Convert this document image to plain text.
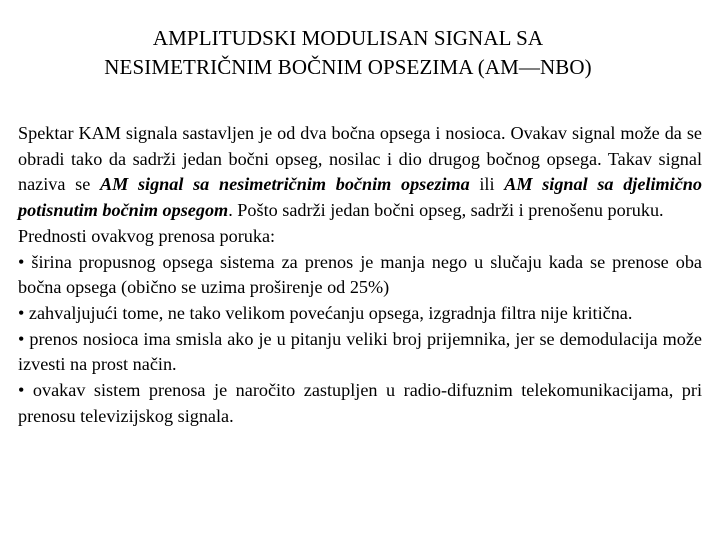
AMPLITUDSKI MODULISAN SIGNAL SA
NESIMETRIČNIM BOČNIM OPSEZIMA (AM—NBO)

Spektar KAM signala sastavljen je od dva bočna opsega i nosioca. Ovakav signal može da se obradi tako da sadrži jedan bočni opseg, nosilac i dio drugog bočnog opsega. Takav signal naziva se AM signal sa nesimetričnim bočnim opsezima ili AM signal sa djelimično potisnutim bočnim opsegom. Pošto sadrži jedan bočni opseg, sadrži i prenošenu poruku.

Prednosti ovakvog prenosa poruka:

• širina propusnog opsega sistema za prenos je manja nego u slučaju kada se prenose oba bočna opsega (obično se uzima proširenje od 25%)

• zahvaljujući tome, ne tako velikom povećanju opsega, izgradnja filtra nije kritična.

• prenos nosioca ima smisla ako je u pitanju veliki broj prijemnika, jer se demodulacija može izvesti na prost način.

• ovakav sistem prenosa je naročito zastupljen u radio-difuznim telekomunikacijama, pri prenosu televizijskog signala.
